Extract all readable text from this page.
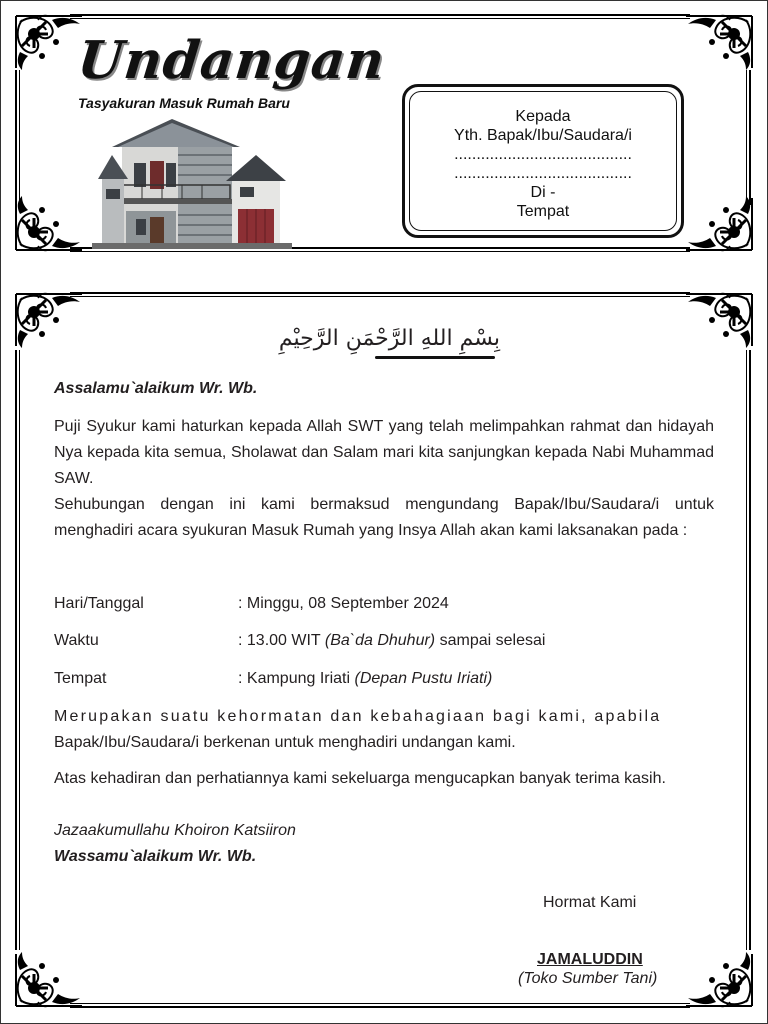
Undangan
Tasyakuran Masuk Rumah Baru
Kepada
Yth. Bapak/Ibu/Saudara/i
........................................
........................................
Di -
Tempat
بِسْمِ اللهِ الرَّحْمَنِ الرَّحِيْمِ
Assalamu`alaikum Wr. Wb.
Puji Syukur kami haturkan kepada Allah SWT yang telah melimpahkan rahmat dan hidayah Nya kepada kita semua, Sholawat dan Salam mari kita sanjungkan kepada Nabi Muhammad SAW.
Sehubungan dengan ini kami bermaksud mengundang Bapak/Ibu/Saudara/i untuk menghadiri acara syukuran Masuk Rumah yang Insya Allah akan kami laksanakan pada :
Hari/Tanggal	: Minggu, 08 September 2024
Waktu	: 13.00 WIT (Ba`da Dhuhur) sampai selesai
Tempat	: Kampung Iriati (Depan Pustu Iriati)
Merupakan suatu kehormatan dan kebahagiaan bagi kami, apabila
Bapak/Ibu/Saudara/i berkenan untuk menghadiri undangan kami.
Atas kehadiran dan perhatiannya kami sekeluarga mengucapkan banyak terima kasih.
Jazaakumullahu Khoiron Katsiiron
Wassamu`alaikum Wr. Wb.
Hormat Kami
JAMALUDDIN
(Toko Sumber Tani)
